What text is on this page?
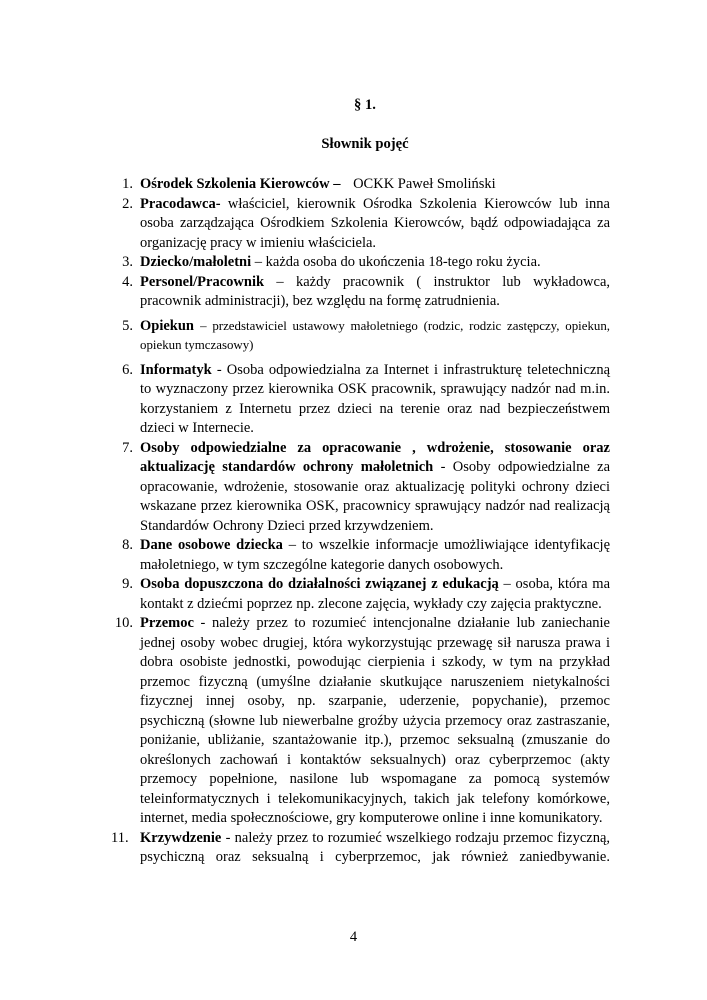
§ 1.

Słownik pojęć

1. Ośrodek Szkolenia Kierowców – OCKK Paweł Smoliński
2. Pracodawca- właściciel, kierownik Ośrodka Szkolenia Kierowców lub inna osoba zarządzająca Ośrodkiem Szkolenia Kierowców, bądź odpowiadająca za organizację pracy w imieniu właściciela.
3. Dziecko/małoletni – każda osoba do ukończenia 18-tego roku życia.
4. Personel/Pracownik – każdy pracownik ( instruktor lub wykładowca, pracownik administracji), bez względu na formę zatrudnienia.
5. Opiekun – przedstawiciel ustawowy małoletniego (rodzic, rodzic zastępczy, opiekun, opiekun tymczasowy)
6. Informatyk - Osoba odpowiedzialna za Internet i infrastrukturę teletechniczną to wyznaczony przez kierownika OSK pracownik, sprawujący nadzór nad m.in. korzystaniem z Internetu przez dzieci na terenie oraz nad bezpieczeństwem dzieci w Internecie.
7. Osoby odpowiedzialne za opracowanie , wdrożenie, stosowanie oraz aktualizację standardów ochrony małoletnich - Osoby odpowiedzialne za opracowanie, wdrożenie, stosowanie oraz aktualizację polityki ochrony dzieci wskazane przez kierownika OSK, pracownicy sprawujący nadzór nad realizacją Standardów Ochrony Dzieci przed krzywdzeniem.
8. Dane osobowe dziecka – to wszelkie informacje umożliwiające identyfikację małoletniego, w tym szczególne kategorie danych osobowych.
9. Osoba dopuszczona do działalności związanej z edukacją – osoba, która ma kontakt z dziećmi poprzez np. zlecone zajęcia, wykłady czy zajęcia praktyczne.
10. Przemoc - należy przez to rozumieć intencjonalne działanie lub zaniechanie jednej osoby wobec drugiej, która wykorzystując przewagę sił narusza prawa i dobra osobiste jednostki, powodując cierpienia i szkody, w tym na przykład przemoc fizyczną (umyślne działanie skutkujące naruszeniem nietykalności fizycznej innej osoby, np. szarpanie, uderzenie, popychanie), przemoc psychiczną (słowne lub niewerbalne groźby użycia przemocy oraz zastraszanie, poniżanie, ubliżanie, szantażowanie itp.), przemoc seksualną (zmuszanie do określonych zachowań i kontaktów seksualnych) oraz cyberprzemoc (akty przemocy popełnione, nasilone lub wspomagane za pomocą systemów teleinformatycznych i telekomunikacyjnych, takich jak telefony komórkowe, internet, media społecznościowe, gry komputerowe online i inne komunikatory.
11. Krzywdzenie - należy przez to rozumieć wszelkiego rodzaju przemoc fizyczną, psychiczną oraz seksualną i cyberprzemoc, jak również zaniedbywanie.
4
